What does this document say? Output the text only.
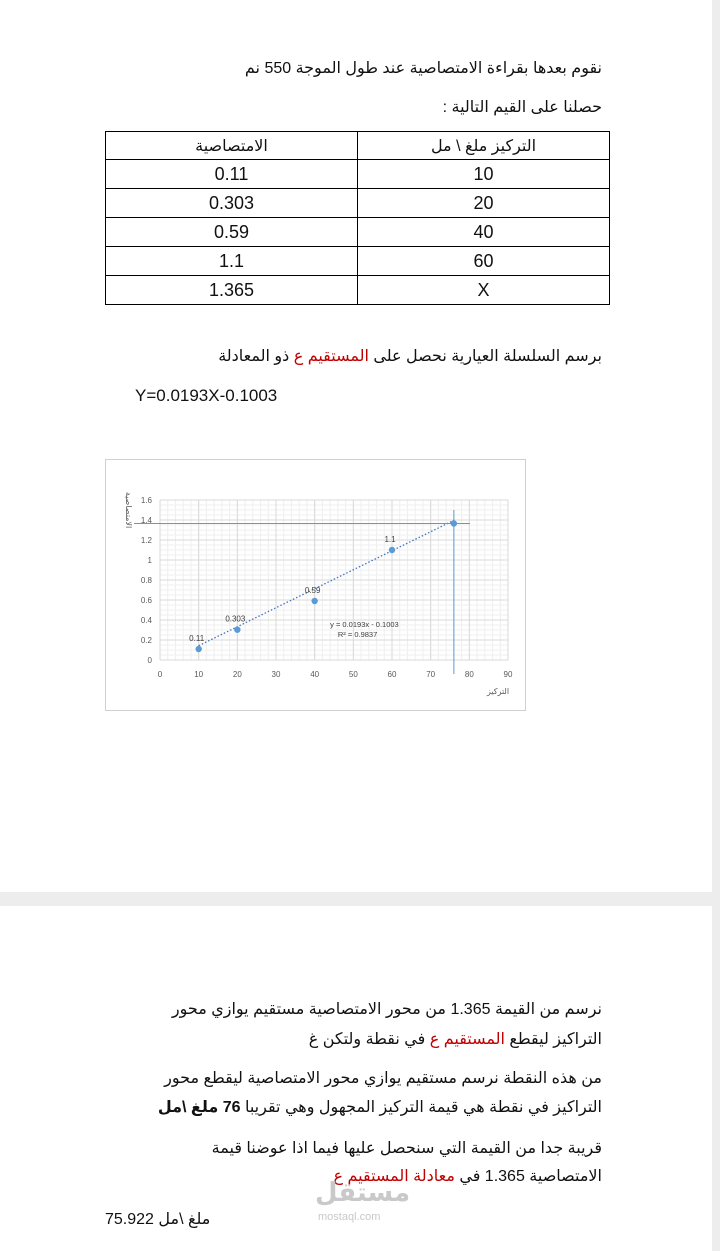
نقوم بعدها بقراءة الامتصاصية عند طول الموجة 550 نم
حصلنا على القيم التالية :
الامتصاصية	التركيز ملغ \ مل
0.11	10
0.303	20
0.59	40
1.1	60
1.365	X
برسم السلسلة العيارية نحصل على المستقيم ع ذو المعادلة
Y=0.0193X-0.1003
0	10	20	30	40	50	60	70	80	90
0
0.2
0.4
0.6
0.8
1
1.2
1.4
1.6
التركيز
الامتصاصية
0.11
0.303
0.59
1.1
y = 0.0193x - 0.1003
R² = 0.9837
نرسم من القيمة 1.365 من محور الامتصاصية مستقيم يوازي محور
التراكيز ليقطع المستقيم ع في نقطة ولتكن غ
من هذه النقطة نرسم مستقيم يوازي محور الامتصاصية ليقطع محور
التراكيز في نقطة هي قيمة التركيز المجهول وهي تقريبا 76 ملغ \مل
قريبة جدا من القيمة التي سنحصل عليها فيما اذا عوضنا قيمة
الامتصاصية 1.365 في معادلة المستقيم ع
ملغ \مل 75.922
مستقل
mostaql.com
